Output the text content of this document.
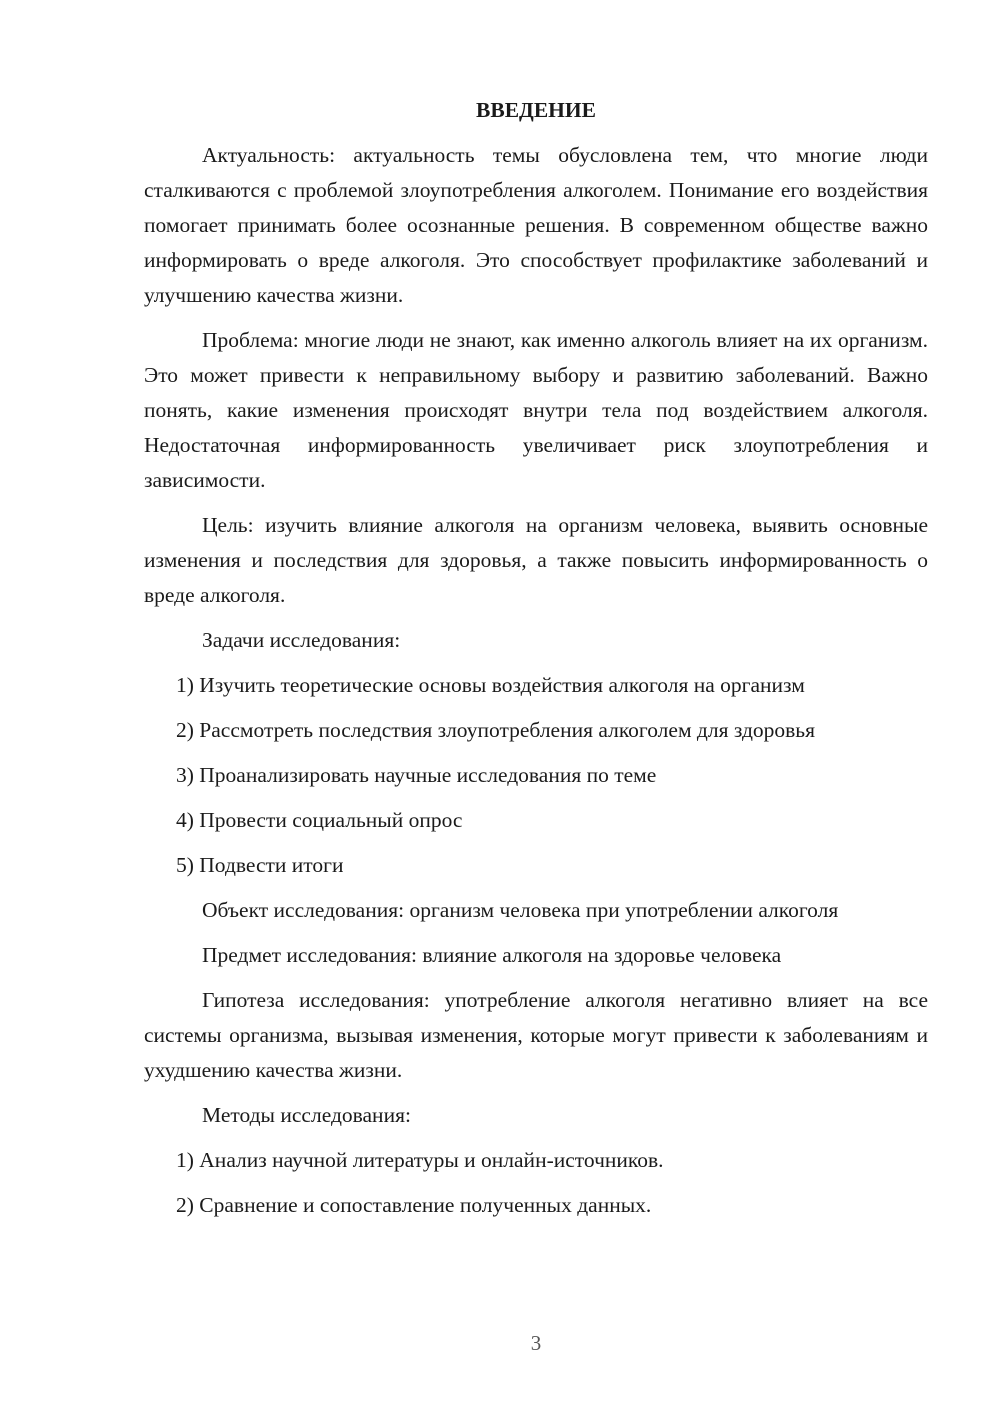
ВВЕДЕНИЕ
Актуальность: актуальность темы обусловлена тем, что многие люди сталкиваются с проблемой злоупотребления алкоголем. Понимание его воздействия помогает принимать более осознанные решения. В современном обществе важно информировать о вреде алкоголя. Это способствует профилактике заболеваний и улучшению качества жизни.
Проблема: многие люди не знают, как именно алкоголь влияет на их организм. Это может привести к неправильному выбору и развитию заболеваний. Важно понять, какие изменения происходят внутри тела под воздействием алкоголя. Недостаточная информированность увеличивает риск злоупотребления и зависимости.
Цель: изучить влияние алкоголя на организм человека, выявить основные изменения и последствия для здоровья, а также повысить информированность о вреде алкоголя.
Задачи исследования:
1) Изучить теоретические основы воздействия алкоголя на организм
2) Рассмотреть последствия злоупотребления алкоголем для здоровья
3) Проанализировать научные исследования по теме
4) Провести социальный опрос
5) Подвести итоги
Объект исследования: организм человека при употреблении алкоголя
Предмет исследования: влияние алкоголя на здоровье человека
Гипотеза исследования: употребление алкоголя негативно влияет на все системы организма, вызывая изменения, которые могут привести к заболеваниям и ухудшению качества жизни.
Методы исследования:
1) Анализ научной литературы и онлайн-источников.
2) Сравнение и сопоставление полученных данных.
3
